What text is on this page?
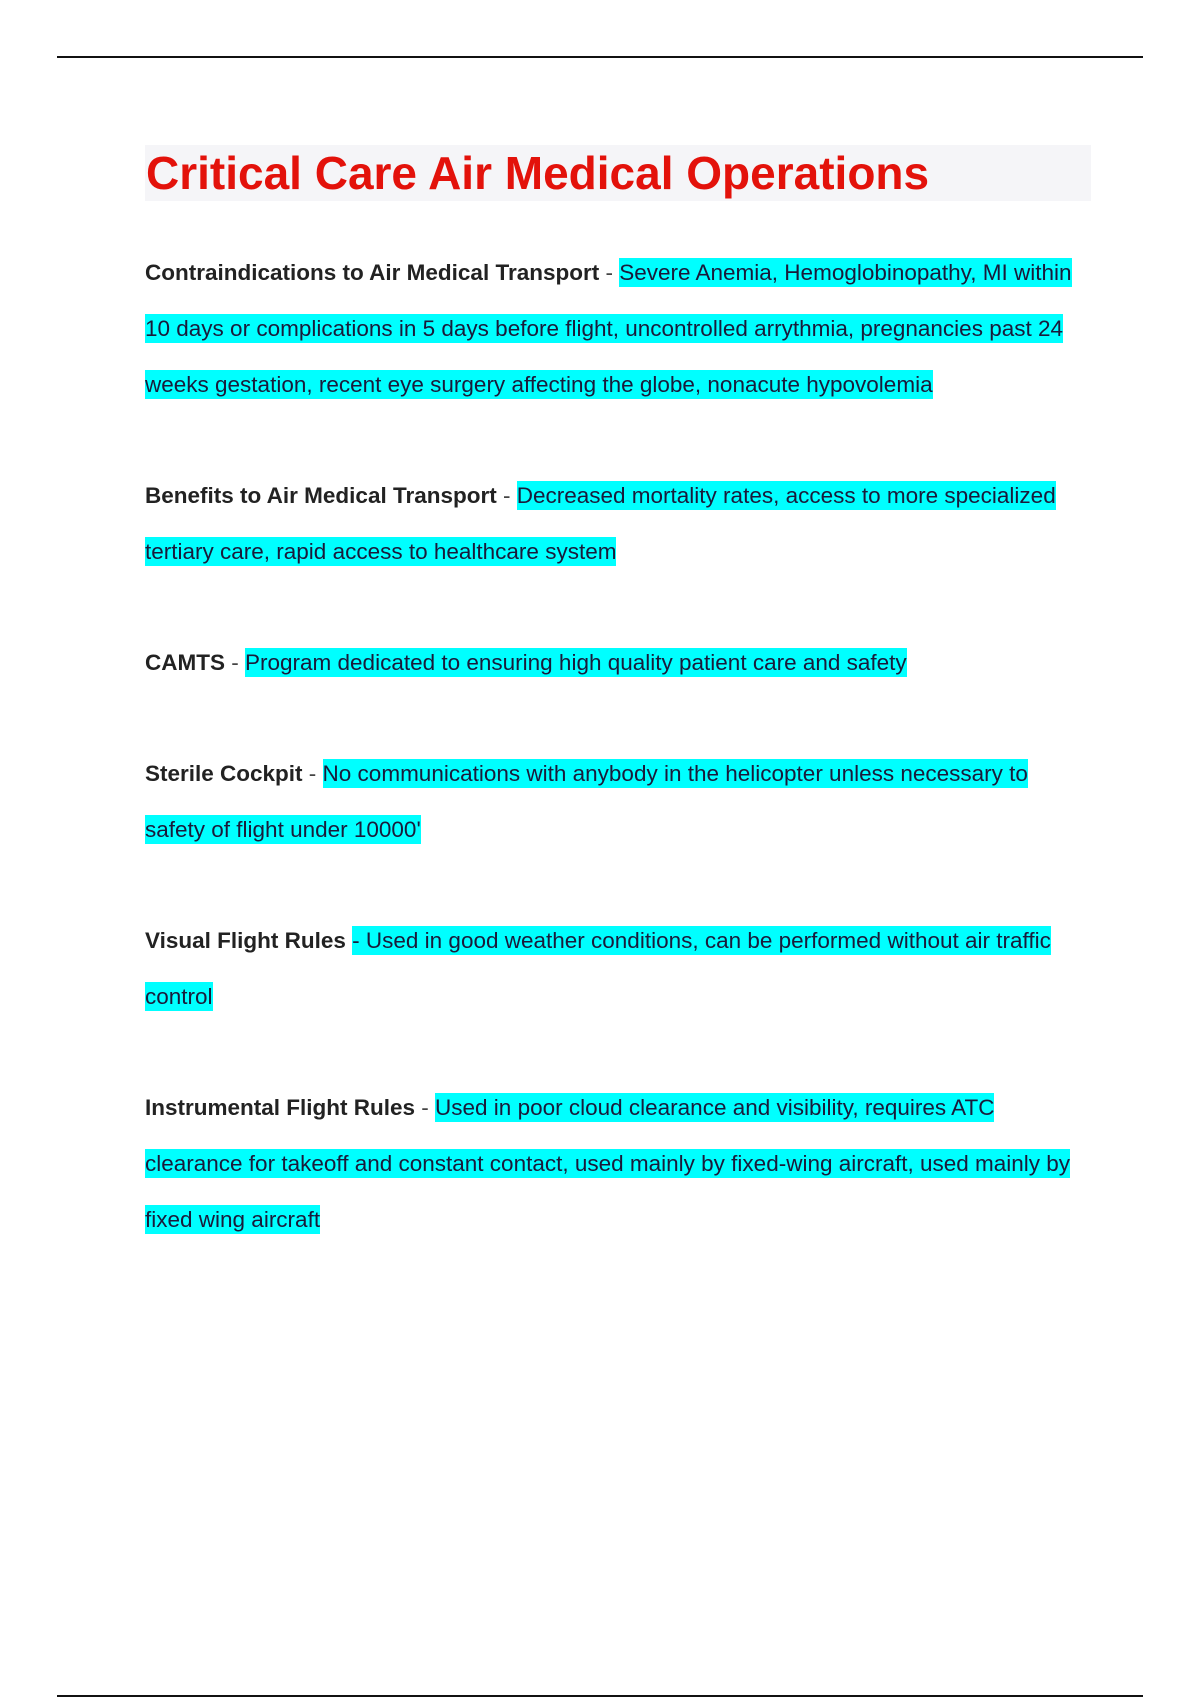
Critical Care Air Medical Operations

Contraindications to Air Medical Transport - Severe Anemia, Hemoglobinopathy, MI within 10 days or complications in 5 days before flight, uncontrolled arrythmia, pregnancies past 24 weeks gestation, recent eye surgery affecting the globe, nonacute hypovolemia

Benefits to Air Medical Transport - Decreased mortality rates, access to more specialized tertiary care, rapid access to healthcare system

CAMTS - Program dedicated to ensuring high quality patient care and safety

Sterile Cockpit - No communications with anybody in the helicopter unless necessary to safety of flight under 10000'

Visual Flight Rules - Used in good weather conditions, can be performed without air traffic control

Instrumental Flight Rules - Used in poor cloud clearance and visibility, requires ATC clearance for takeoff and constant contact, used mainly by fixed-wing aircraft, used mainly by fixed wing aircraft
